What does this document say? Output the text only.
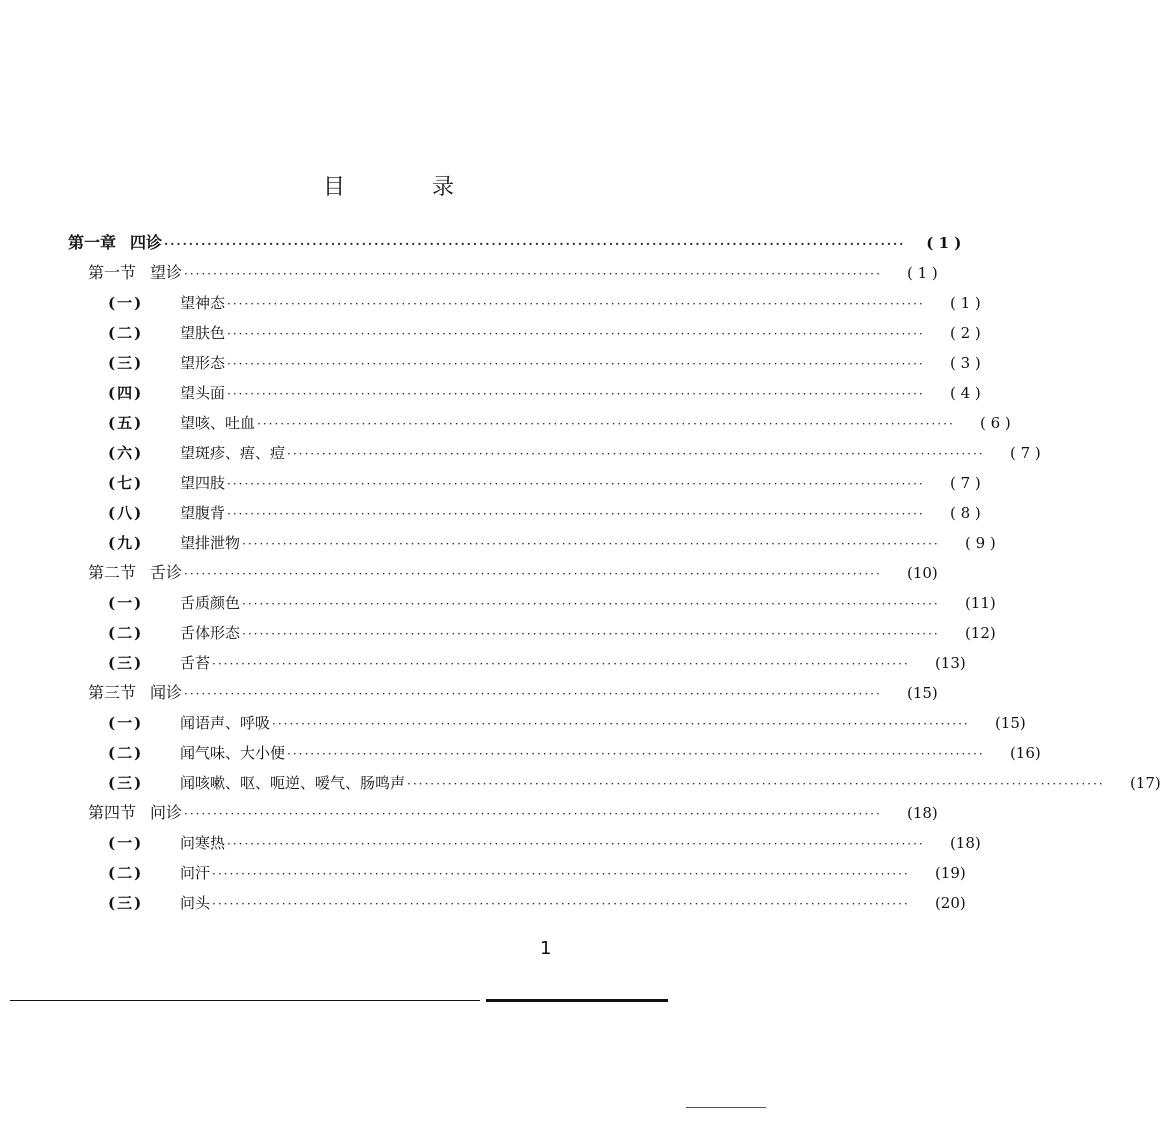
目 录
第一章 四诊 ························································································································	( 1 )
第一节 望诊 ························································································································	( 1 )
(一) 望神态 ························································································································	( 1 )
(二) 望肤色 ························································································································	( 2 )
(三) 望形态 ························································································································	( 3 )
(四) 望头面 ························································································································	( 4 )
(五) 望咳、吐血 ························································································································	( 6 )
(六) 望斑疹、痦、痘 ························································································································	( 7 )
(七) 望四肢 ························································································································	( 7 )
(八) 望腹背 ························································································································	( 8 )
(九) 望排泄物 ························································································································	( 9 )
第二节 舌诊 ························································································································	(10)
(一) 舌质颜色 ························································································································	(11)
(二) 舌体形态 ························································································································	(12)
(三) 舌苔 ························································································································	(13)
第三节 闻诊 ························································································································	(15)
(一) 闻语声、呼吸 ························································································································	(15)
(二) 闻气味、大小便 ························································································································	(16)
(三) 闻咳嗽、呕、呃逆、嗳气、肠鸣声 ························································································································	(17)
第四节 问诊 ························································································································	(18)
(一) 问寒热 ························································································································	(18)
(二) 问汗 ························································································································	(19)
(三) 问头 ························································································································	(20)
1
